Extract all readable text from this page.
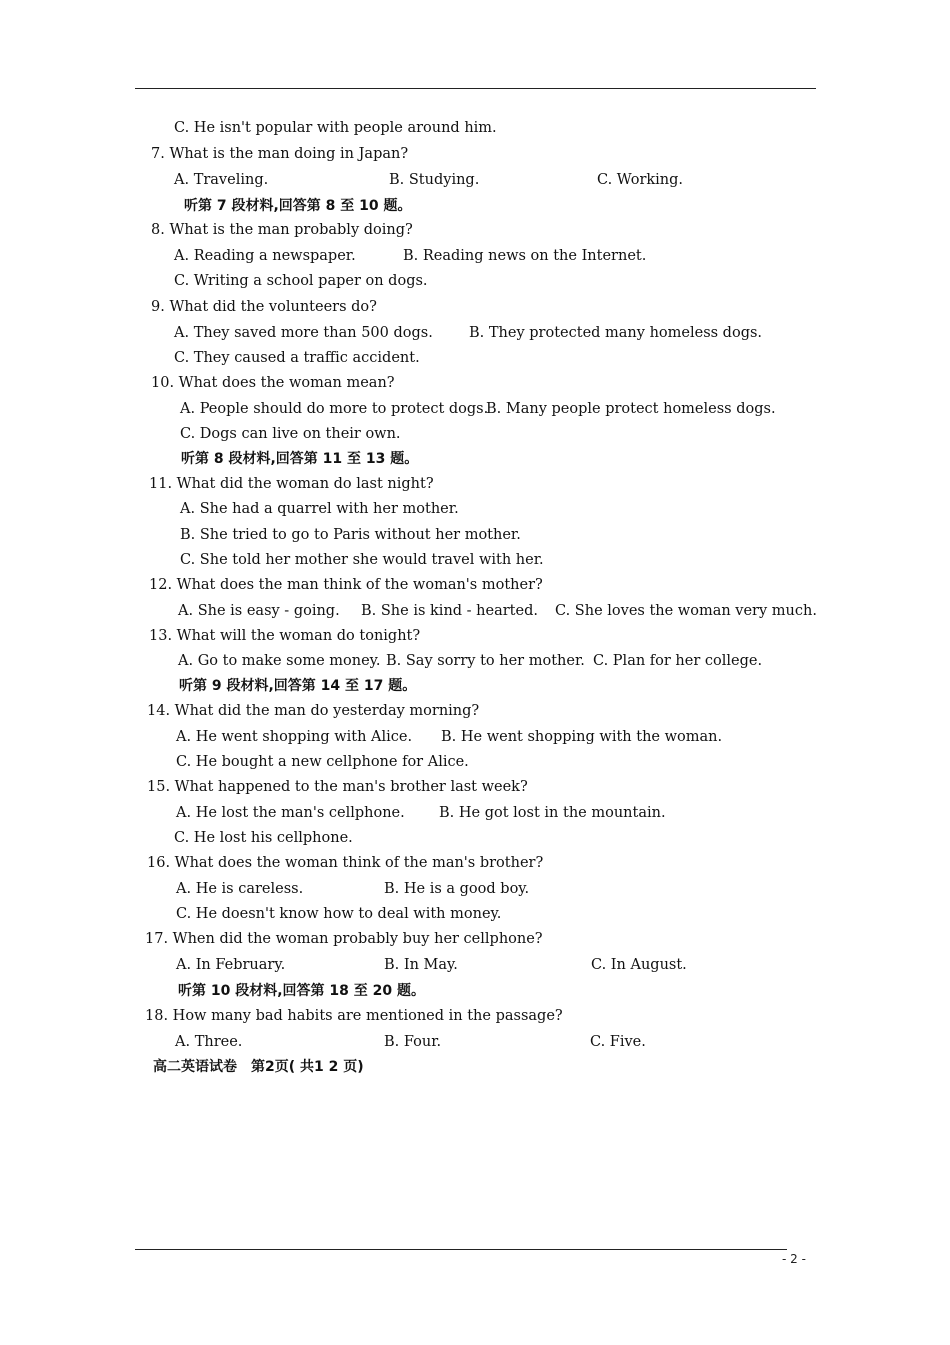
C. He isn't popular with people around him.
7. What is the man doing in Japan?
A. Traveling.	B. Studying.	C. Working.
听第 7 段材料,回答第 8 至 10 题。
8. What is the man probably doing?
A. Reading a newspaper.	B. Reading news on the Internet.
C. Writing a school paper on dogs.
9. What did the volunteers do?
A. They saved more than 500 dogs. B. They protected many homeless dogs.
C. They caused a traffic accident.
10. What does the woman mean?
A. People should do more to protect dogs.
B. Many people protect homeless dogs.
C. Dogs can live on their own.
听第 8 段材料,回答第 11 至 13 题。
11. What did the woman do last night?
A. She had a quarrel with her mother.
B. She tried to go to Paris without her mother.
C. She told her mother she would travel with her.
12. What does the man think of the woman's mother?
A. She is easy - going. B. She is kind - hearted. C. She loves the woman very much.
13. What will the woman do tonight?
A. Go to make some money. B. Say sorry to her mother. C. Plan for her college.
听第 9 段材料,回答第 14 至 17 题。
14. What did the man do yesterday morning?
A. He went shopping with Alice. B. He went shopping with the woman.
C. He bought a new cellphone for Alice.
15. What happened to the man's brother last week?
A. He lost the man's cellphone. B. He got lost in the mountain.
C. He lost his cellphone.
16. What does the woman think of the man's brother?
A. He is careless.	B. He is a good boy.
C. He doesn't know how to deal with money.
17. When did the woman probably buy her cellphone?
A. In February.	B. In May.	C. In August.
听第 10 段材料,回答第 18 至 20 题。
18. How many bad habits are mentioned in the passage?
A. Three.	B. Four.	C. Five.
高二英语试卷　第2页( 共1 2 页)
- 2 -
